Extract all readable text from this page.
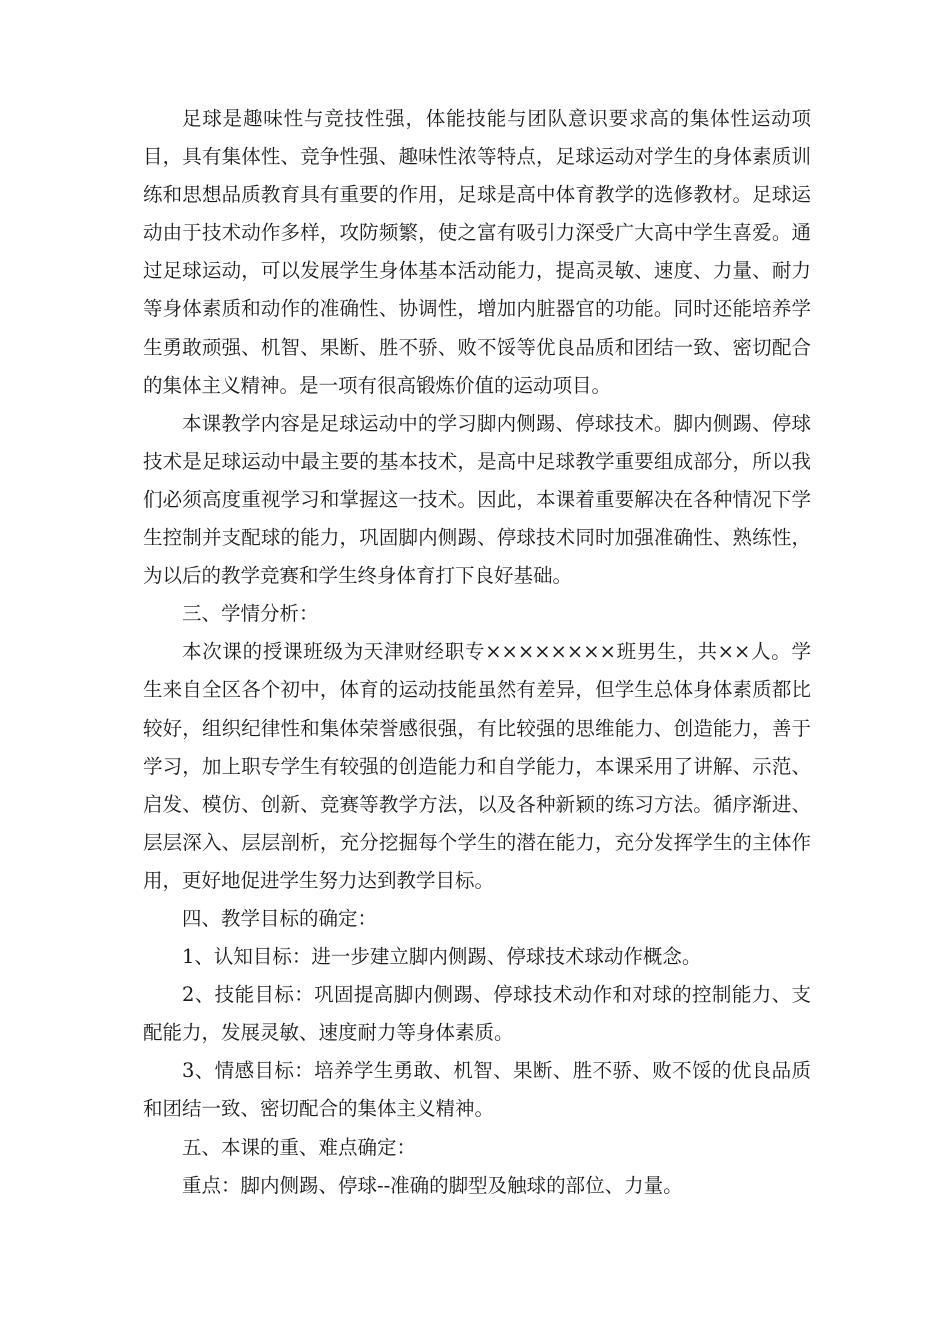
足球是趣味性与竞技性强，体能技能与团队意识要求高的集体性运动项目，具有集体性、竞争性强、趣味性浓等特点，足球运动对学生的身体素质训练和思想品质教育具有重要的作用，足球是高中体育教学的选修教材。足球运动由于技术动作多样，攻防频繁，使之富有吸引力深受广大高中学生喜爱。通过足球运动，可以发展学生身体基本活动能力，提高灵敏、速度、力量、耐力等身体素质和动作的准确性、协调性，增加内脏器官的功能。同时还能培养学生勇敢顽强、机智、果断、胜不骄、败不馁等优良品质和团结一致、密切配合的集体主义精神。是一项有很高锻炼价值的运动项目。

本课教学内容是足球运动中的学习脚内侧踢、停球技术。脚内侧踢、停球技术是足球运动中最主要的基本技术，是高中足球教学重要组成部分，所以我们必须高度重视学习和掌握这一技术。因此，本课着重要解决在各种情况下学生控制并支配球的能力，巩固脚内侧踢、停球技术同时加强准确性、熟练性，为以后的教学竞赛和学生终身体育打下良好基础。

三、学情分析：

本次课的授课班级为天津财经职专××××××××班男生，共××人。学生来自全区各个初中，体育的运动技能虽然有差异，但学生总体身体素质都比较好，组织纪律性和集体荣誉感很强，有比较强的思维能力、创造能力，善于学习，加上职专学生有较强的创造能力和自学能力，本课采用了讲解、示范、启发、模仿、创新、竞赛等教学方法，以及各种新颖的练习方法。循序渐进、层层深入、层层剖析，充分挖掘每个学生的潜在能力，充分发挥学生的主体作用，更好地促进学生努力达到教学目标。

四、教学目标的确定：

1、认知目标：进一步建立脚内侧踢、停球技术球动作概念。

2、技能目标：巩固提高脚内侧踢、停球技术动作和对球的控制能力、支配能力，发展灵敏、速度耐力等身体素质。

3、情感目标：培养学生勇敢、机智、果断、胜不骄、败不馁的优良品质和团结一致、密切配合的集体主义精神。

五、本课的重、难点确定：

重点：脚内侧踢、停球--准确的脚型及触球的部位、力量。
